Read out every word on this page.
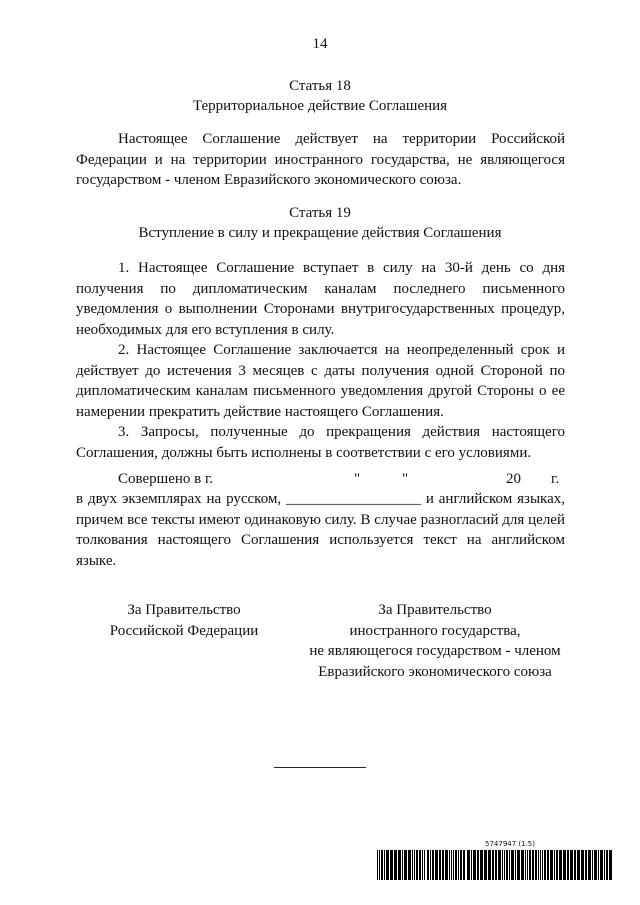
14
Статья 18
Территориальное действие Соглашения

Настоящее Соглашение действует на территории Российской Федерации и на территории иностранного государства, не являющегося государством - членом Евразийского экономического союза.

Статья 19
Вступление в силу и прекращение действия Соглашения

1. Настоящее Соглашение вступает в силу на 30-й день со дня получения по дипломатическим каналам последнего письменного уведомления о выполнении Сторонами внутригосударственных процедур, необходимых для его вступления в силу.

2. Настоящее Соглашение заключается на неопределенный срок и действует до истечения 3 месяцев с даты получения одной Стороной по дипломатическим каналам письменного уведомления другой Стороны о ее намерении прекратить действие настоящего Соглашения.

3. Запросы, полученные до прекращения действия настоящего Соглашения, должны быть исполнены в соответствии с его условиями.

Совершено в г.	"	"	20 г.

в двух экземплярах на русском, __________________ и английском языках, причем все тексты имеют одинаковую силу. В случае разногласий для целей толкования настоящего Соглашения используется текст на английском языке.

За Правительство
Российской Федерации
За Правительство
иностранного государства,
не являющегося государством - членом
Евразийского экономического союза
5747947 (1.5)
